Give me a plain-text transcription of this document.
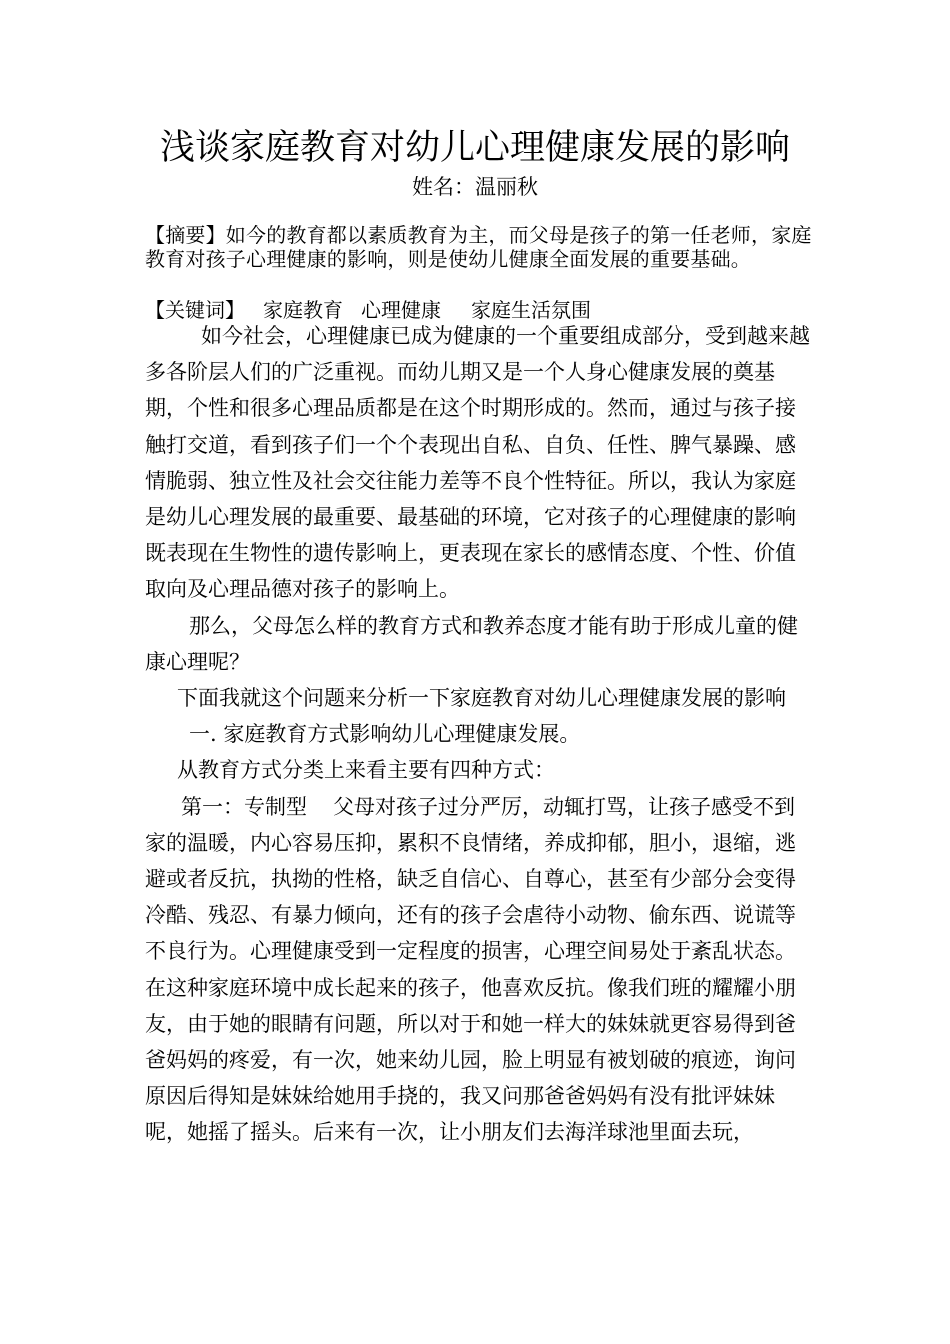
浅谈家庭教育对幼儿心理健康发展的影响
姓名：温丽秋
【摘要】如今的教育都以素质教育为主，而父母是孩子的第一任老师，家庭教育对孩子心理健康的影响，则是使幼儿健康全面发展的重要基础。
【关键词】 家庭教育 心理健康 家庭生活氛围

如今社会，心理健康已成为健康的一个重要组成部分，受到越来越多各阶层人们的广泛重视。而幼儿期又是一个人身心健康发展的奠基期，个性和很多心理品质都是在这个时期形成的。然而，通过与孩子接触打交道，看到孩子们一个个表现出自私、自负、任性、脾气暴躁、感情脆弱、独立性及社会交往能力差等不良个性特征。所以，我认为家庭是幼儿心理发展的最重要、最基础的环境，它对孩子的心理健康的影响既表现在生物性的遗传影响上，更表现在家长的感情态度、个性、价值取向及心理品德对孩子的影响上。

那么，父母怎么样的教育方式和教养态度才能有助于形成儿童的健康心理呢？

下面我就这个问题来分析一下家庭教育对幼儿心理健康发展的影响

一. 家庭教育方式影响幼儿心理健康发展。

从教育方式分类上来看主要有四种方式：

第一：专制型 父母对孩子过分严厉，动辄打骂，让孩子感受不到家的温暖，内心容易压抑，累积不良情绪，养成抑郁，胆小，退缩，逃避或者反抗，执拗的性格，缺乏自信心、自尊心，甚至有少部分会变得冷酷、残忍、有暴力倾向，还有的孩子会虐待小动物、偷东西、说谎等不良行为。心理健康受到一定程度的损害，心理空间易处于紊乱状态。在这种家庭环境中成长起来的孩子，他喜欢反抗。像我们班的耀耀小朋友，由于她的眼睛有问题，所以对于和她一样大的妹妹就更容易得到爸爸妈妈的疼爱，有一次，她来幼儿园，脸上明显有被划破的痕迹，询问原因后得知是妹妹给她用手挠的，我又问那爸爸妈妈有没有批评妹妹呢，她摇了摇头。后来有一次，让小朋友们去海洋球池里面去玩，
